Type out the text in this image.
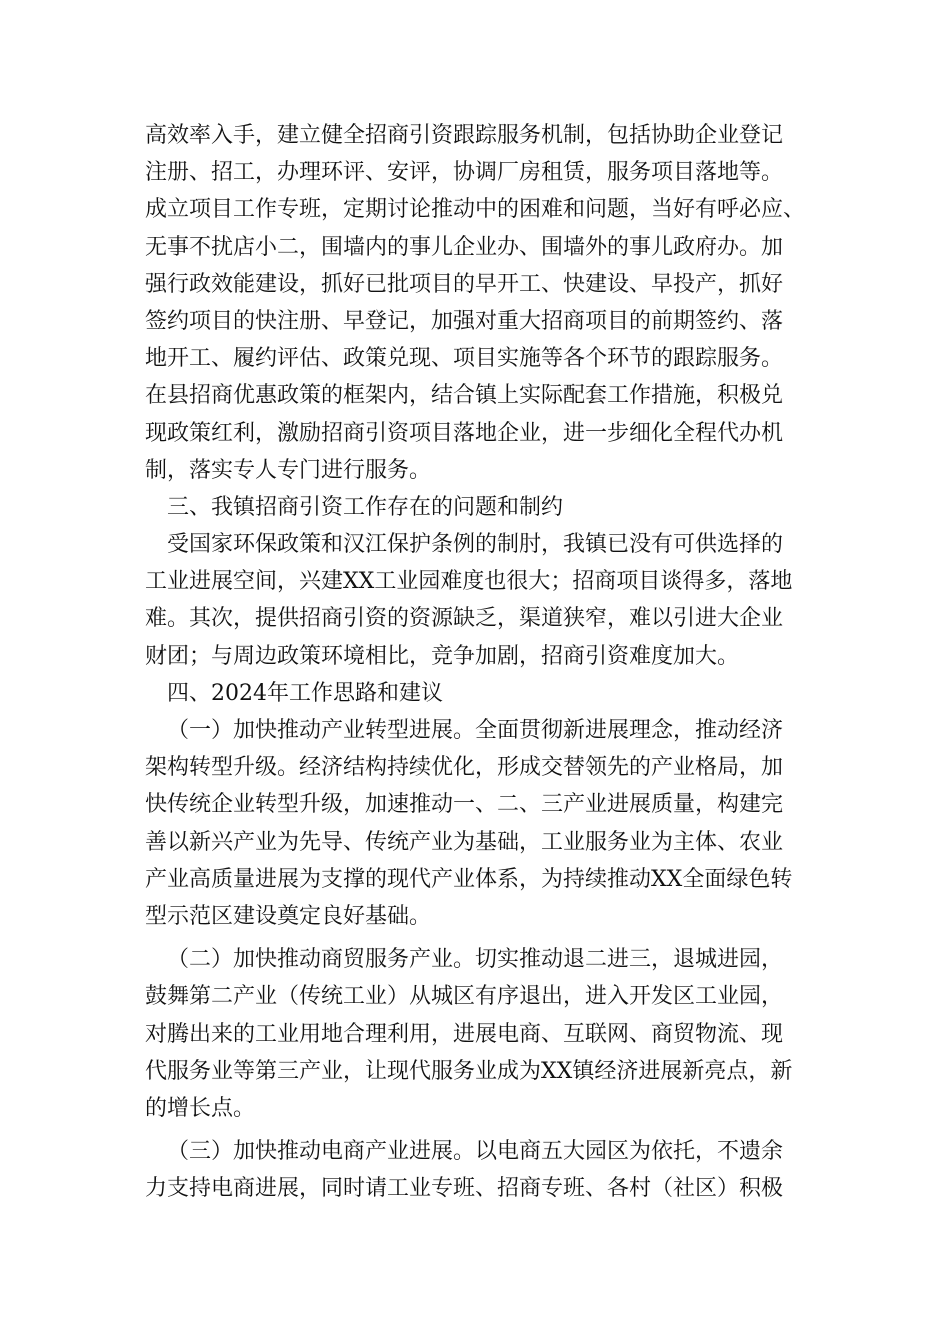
高效率入手，建立健全招商引资跟踪服务机制，包括协助企业登记
注册、招工，办理环评、安评，协调厂房租赁，服务项目落地等。
成立项目工作专班，定期讨论推动中的困难和问题，当好有呼必应、
无事不扰店小二，围墙内的事儿企业办、围墙外的事儿政府办。加
强行政效能建设，抓好已批项目的早开工、快建设、早投产，抓好
签约项目的快注册、早登记，加强对重大招商项目的前期签约、落
地开工、履约评估、政策兑现、项目实施等各个环节的跟踪服务。
在县招商优惠政策的框架内，结合镇上实际配套工作措施，积极兑
现政策红利，激励招商引资项目落地企业，进一步细化全程代办机
制，落实专人专门进行服务。
三、我镇招商引资工作存在的问题和制约
受国家环保政策和汉江保护条例的制肘，我镇已没有可供选择的
工业进展空间，兴建XX工业园难度也很大；招商项目谈得多，落地
难。其次，提供招商引资的资源缺乏，渠道狭窄，难以引进大企业
财团；与周边政策环境相比，竞争加剧，招商引资难度加大。
四、2024年工作思路和建议
（一）加快推动产业转型进展。全面贯彻新进展理念，推动经济
架构转型升级。经济结构持续优化，形成交替领先的产业格局，加
快传统企业转型升级，加速推动一、二、三产业进展质量，构建完
善以新兴产业为先导、传统产业为基础，工业服务业为主体、农业
产业高质量进展为支撑的现代产业体系，为持续推动XX全面绿色转
型示范区建设奠定良好基础。
（二）加快推动商贸服务产业。切实推动退二进三，退城进园，
鼓舞第二产业（传统工业）从城区有序退出，进入开发区工业园，
对腾出来的工业用地合理利用，进展电商、互联网、商贸物流、现
代服务业等第三产业，让现代服务业成为XX镇经济进展新亮点，新
的增长点。
（三）加快推动电商产业进展。以电商五大园区为依托，不遗余
力支持电商进展，同时请工业专班、招商专班、各村（社区）积极
